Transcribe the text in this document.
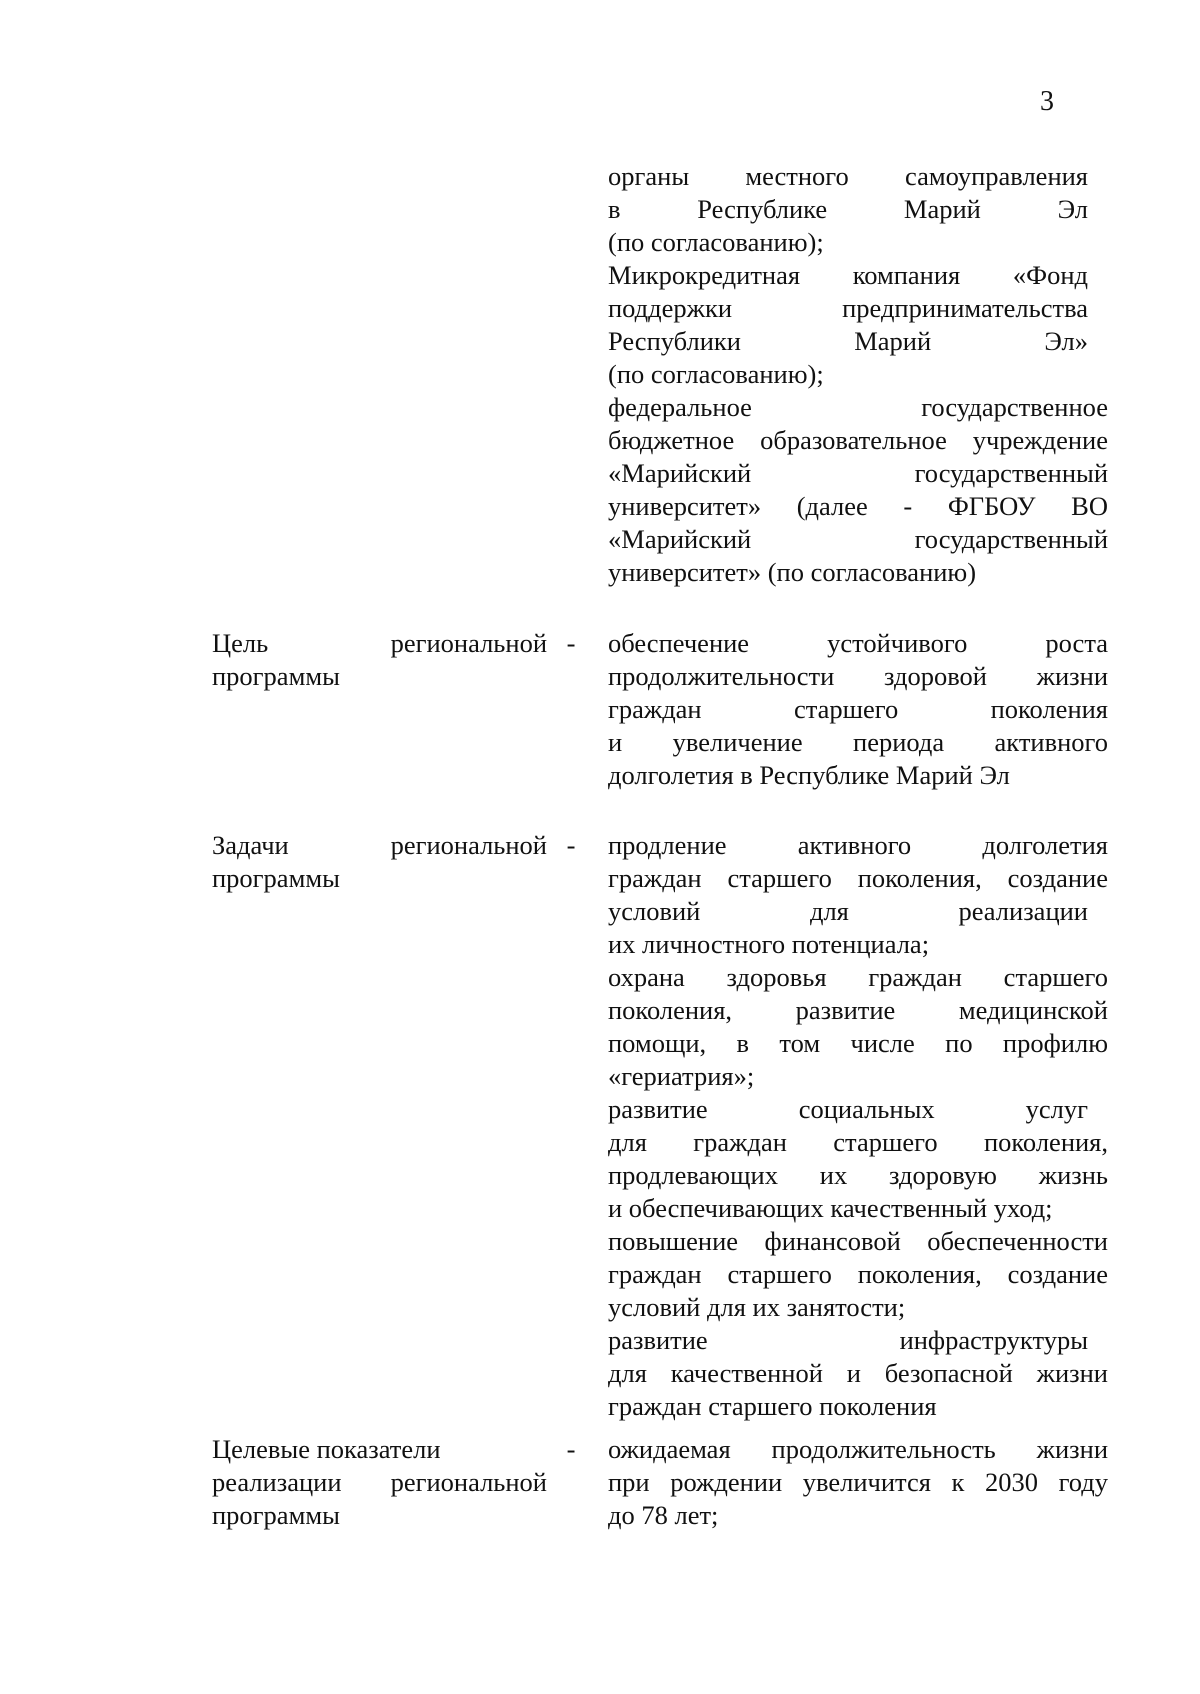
3
органы местного самоуправления
в Республике Марий Эл
(по согласованию);
Микрокредитная компания «Фонд
поддержки предпринимательства
Республики Марий Эл»
(по согласованию);
федеральное государственное
бюджетное образовательное учреждение
«Марийский государственный
университет» (далее - ФГБОУ ВО
«Марийский государственный
университет» (по согласованию)
Цель региональной
программы
- обеспечение устойчивого роста
продолжительности здоровой жизни
граждан старшего поколения
и увеличение периода активного
долголетия в Республике Марий Эл
Задачи региональной
программы
- продление активного долголетия
граждан старшего поколения, создание
условий для реализации
их личностного потенциала;
охрана здоровья граждан старшего
поколения, развитие медицинской
помощи, в том числе по профилю
«гериатрия»;
развитие социальных услуг
для граждан старшего поколения,
продлевающих их здоровую жизнь
и обеспечивающих качественный уход;
повышение финансовой обеспеченности
граждан старшего поколения, создание
условий для их занятости;
развитие инфраструктуры
для качественной и безопасной жизни
граждан старшего поколения
Целевые показатели
реализации региональной
программы
- ожидаемая продолжительность жизни
при рождении увеличится к 2030 году
до 78 лет;
